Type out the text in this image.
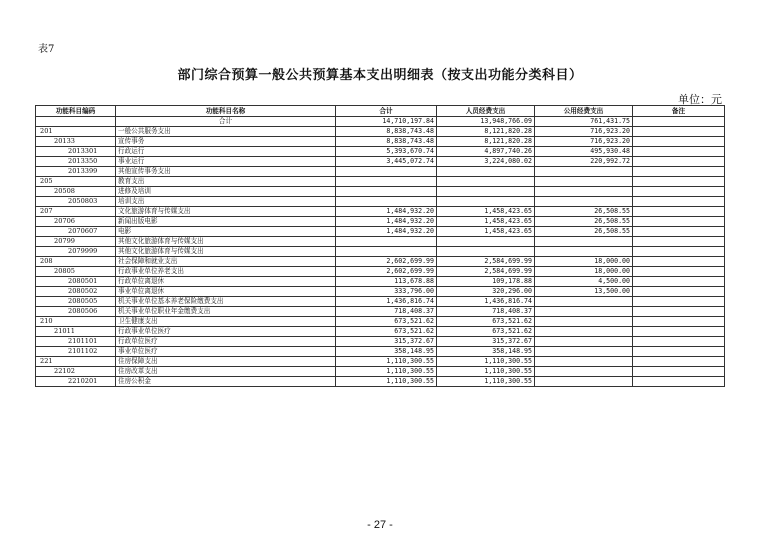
表7
部门综合预算一般公共预算基本支出明细表（按支出功能分类科目）
单位：元
功能科目编码	功能科目名称	合计	人员经费支出	公用经费支出	备注
	合计	14,710,197.84	13,948,766.09	761,431.75	
201	一般公共服务支出	8,838,743.48	8,121,820.28	716,923.20	
20133	宣传事务	8,838,743.48	8,121,820.28	716,923.20	
2013301	行政运行	5,393,670.74	4,897,740.26	495,930.48	
2013350	事业运行	3,445,072.74	3,224,080.02	220,992.72	
2013399	其他宣传事务支出				
205	教育支出				
20508	进修及培训				
2050803	培训支出				
207	文化旅游体育与传媒支出	1,484,932.20	1,458,423.65	26,508.55	
20706	新闻出版电影	1,484,932.20	1,458,423.65	26,508.55	
2070607	电影	1,484,932.20	1,458,423.65	26,508.55	
20799	其他文化旅游体育与传媒支出				
2079999	其他文化旅游体育与传媒支出				
208	社会保障和就业支出	2,602,699.99	2,584,699.99	18,000.00	
20805	行政事业单位养老支出	2,602,699.99	2,584,699.99	18,000.00	
2080501	行政单位离退休	113,678.88	109,178.88	4,500.00	
2080502	事业单位离退休	333,796.00	320,296.00	13,500.00	
2080505	机关事业单位基本养老保险缴费支出	1,436,816.74	1,436,816.74		
2080506	机关事业单位职业年金缴费支出	718,408.37	718,408.37		
210	卫生健康支出	673,521.62	673,521.62		
21011	行政事业单位医疗	673,521.62	673,521.62		
2101101	行政单位医疗	315,372.67	315,372.67		
2101102	事业单位医疗	358,148.95	358,148.95		
221	住房保障支出	1,110,300.55	1,110,300.55		
22102	住房改革支出	1,110,300.55	1,110,300.55		
2210201	住房公积金	1,110,300.55	1,110,300.55		
- 27 -
